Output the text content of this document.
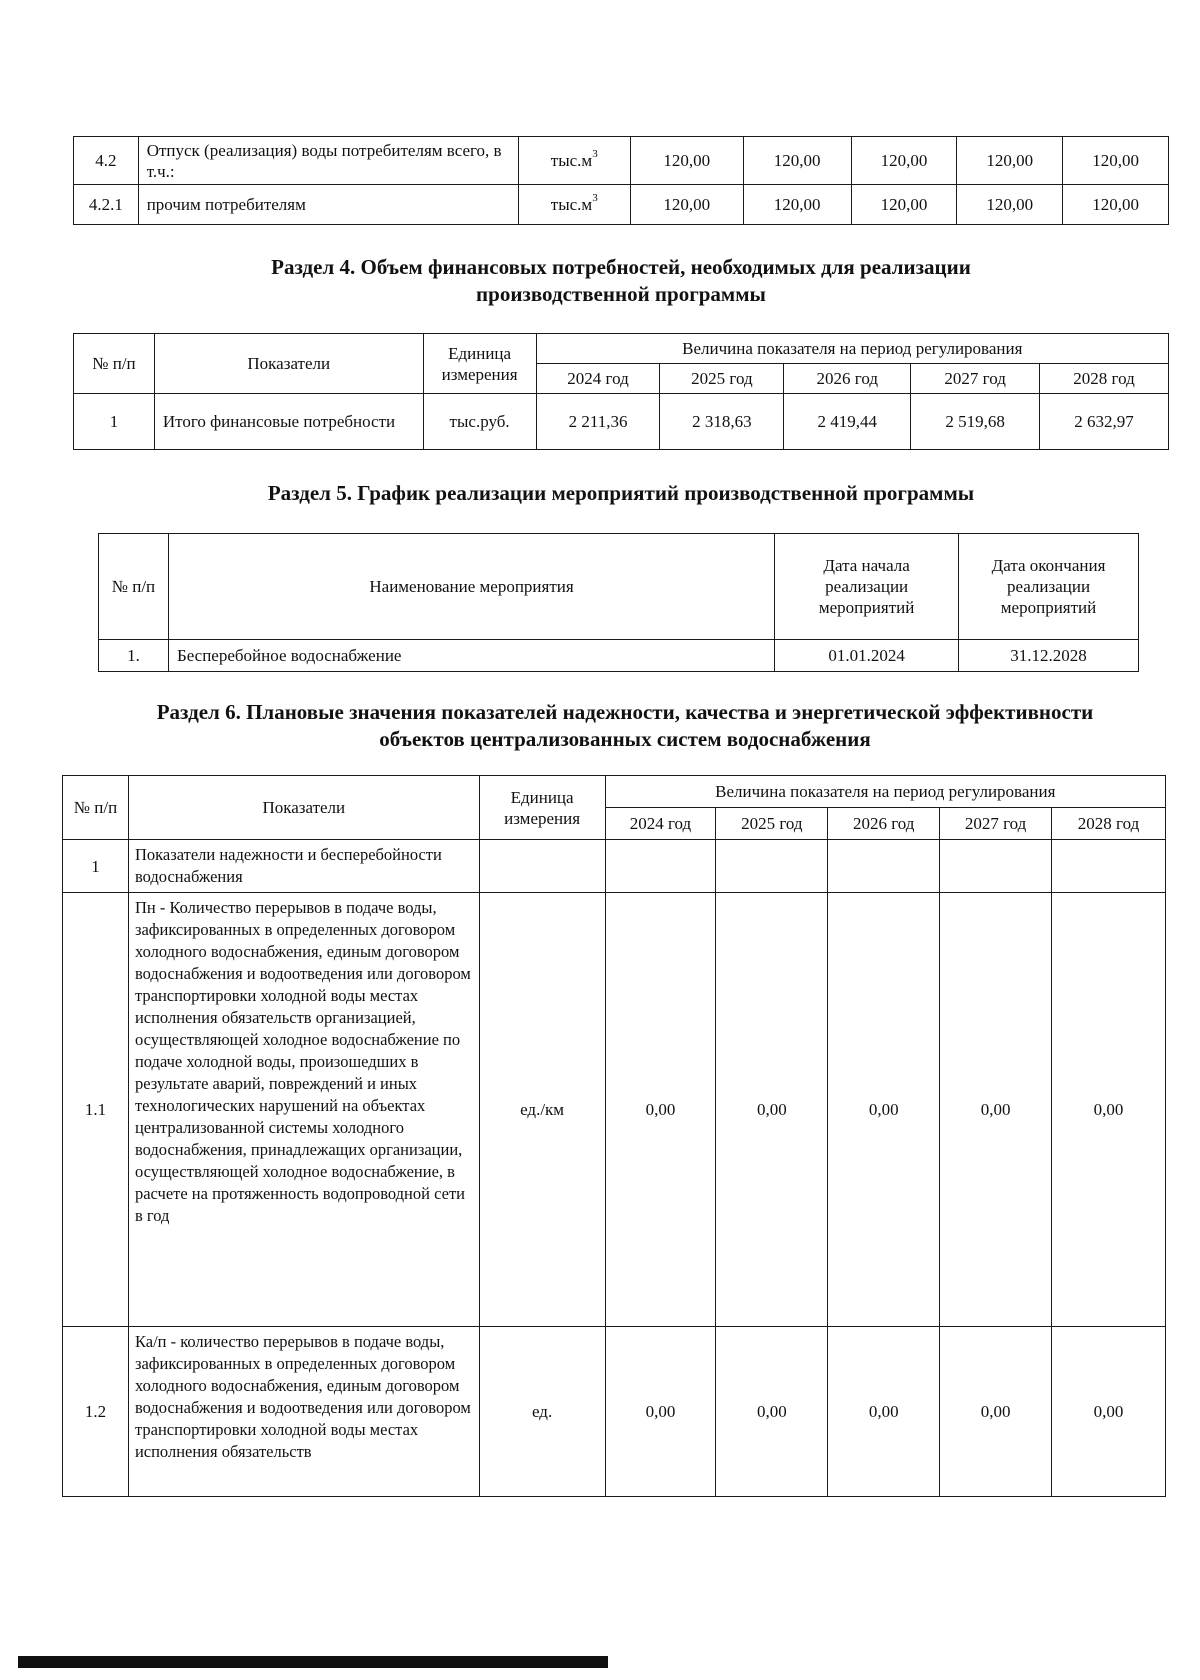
4.2	Отпуск (реализация) воды потребителям всего, в т.ч.:	$тыс.м^3$	120,00	120,00	120,00	120,00	120,00
4.2.1	прочим потребителям	$тыс.м^3$	120,00	120,00	120,00	120,00	120,00
Раздел 4. Объем финансовых потребностей, необходимых для реализации
производственной программы
№ п/п	Показатели	Единица измерения	Величина показателя на период регулирования				
			2024 год	2025 год	2026 год	2027 год	2028 год
1	Итого финансовые потребности	тыс.руб.	2 211,36	2 318,63	2 419,44	2 519,68	2 632,97
Раздел 5. График реализации мероприятий производственной программы
№ п/п	Наименование мероприятия	Дата начала реализации мероприятий	Дата окончания реализации мероприятий
1.	Бесперебойное водоснабжение	01.01.2024	31.12.2028
Раздел 6. Плановые значения показателей надежности, качества и энергетической эффективности
объектов централизованных систем водоснабжения
№ п/п	Показатели	Единица измерения	Величина показателя на период регулирования				
			2024 год	2025 год	2026 год	2027 год	2028 год
1	Показатели надежности и бесперебойности водоснабжения						
1.1	Пн - Количество перерывов в подаче воды, зафиксированных в определенных договором холодного водоснабжения, единым договором водоснабжения и водоотведения или договором транспортировки холодной воды местах исполнения обязательств организацией, осуществляющей холодное водоснабжение по подаче холодной воды, произошедших в результате аварий, повреждений и иных технологических нарушений на объектах централизованной системы холодного водоснабжения, принадлежащих организации, осуществляющей холодное водоснабжение, в расчете на протяженность водопроводной сети в год	ед./км	0,00	0,00	0,00	0,00	0,00
1.2	Ка/п - количество перерывов в подаче воды, зафиксированных в определенных договором холодного водоснабжения, единым договором водоснабжения и водоотведения или договором транспортировки холодной воды местах исполнения обязательств	ед.	0,00	0,00	0,00	0,00	0,00
